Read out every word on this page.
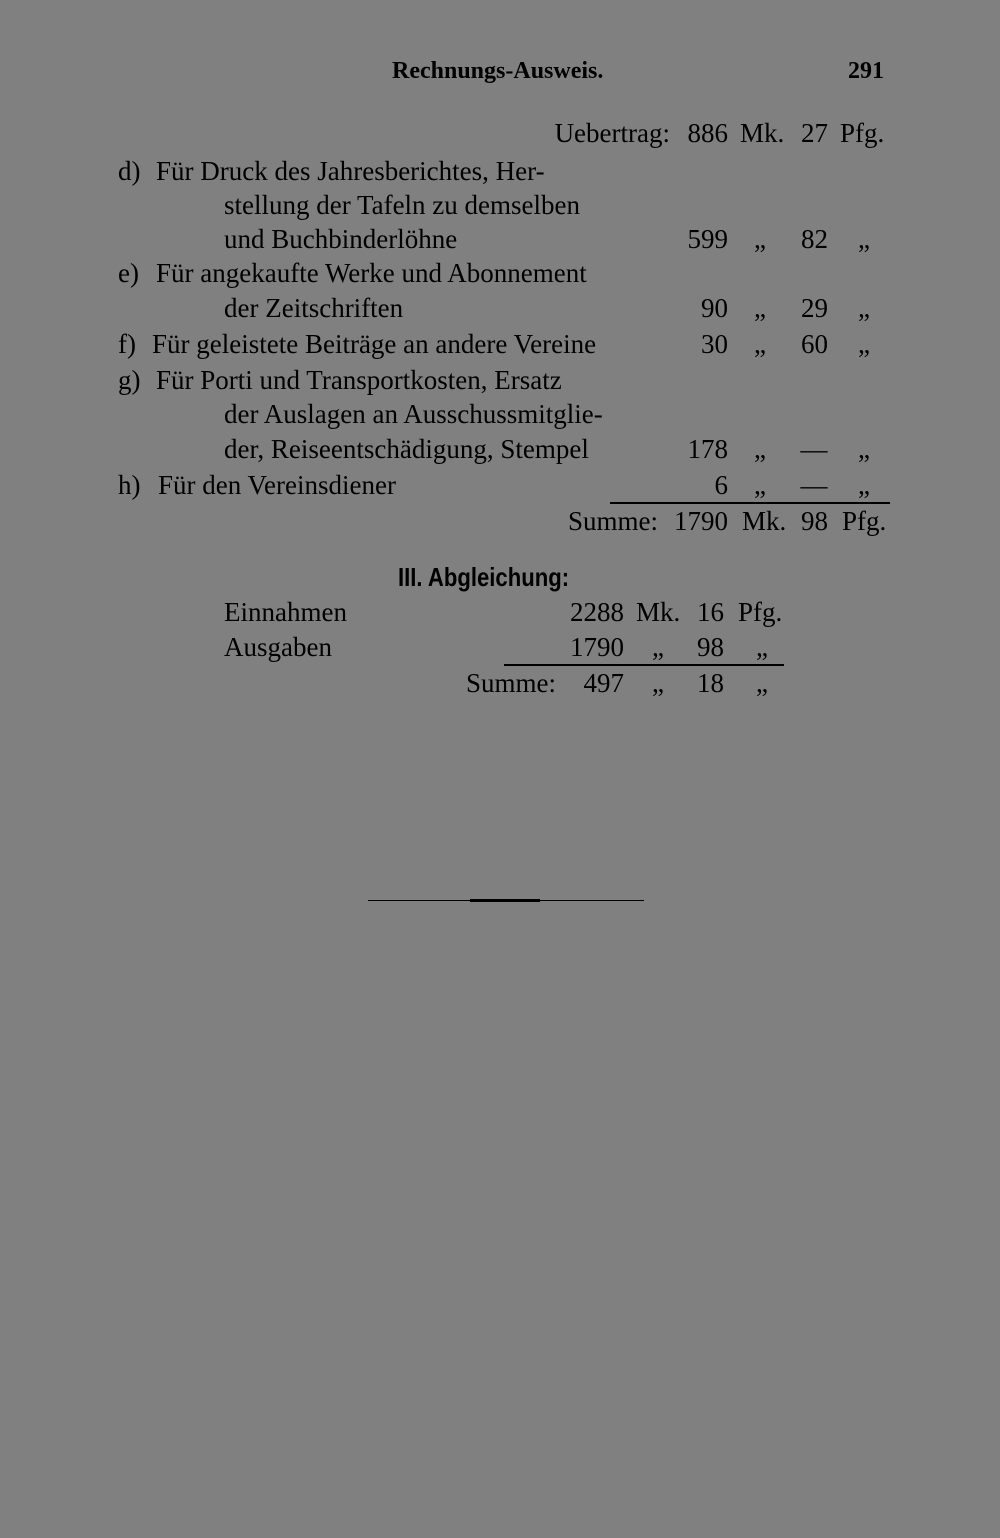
Rechnungs-Ausweis.	291
Uebertrag: 886 Mk. 27 Pfg.
d) Für Druck des Jahresberichtes, Her-
stellung der Tafeln zu demselben
und Buchbinderlöhne	599 „	82 „
e) Für angekaufte Werke und Abonnement
der Zeitschriften	90 „	29 „
f) Für geleistete Beiträge an andere Vereine	30 „	60 „
g) Für Porti und Transportkosten, Ersatz
der Auslagen an Ausschussmitglie-
der, Reiseentschädigung, Stempel	178 „	—	„
h) Für den Vereinsdiener	6 „	—	„
Summe: 1790 Mk. 98 Pfg.
III. Abgleichung:
Einnahmen	2288 Mk. 16 Pfg.
Ausgaben	1790 „	98 „
Summe:	497 „	18 „
